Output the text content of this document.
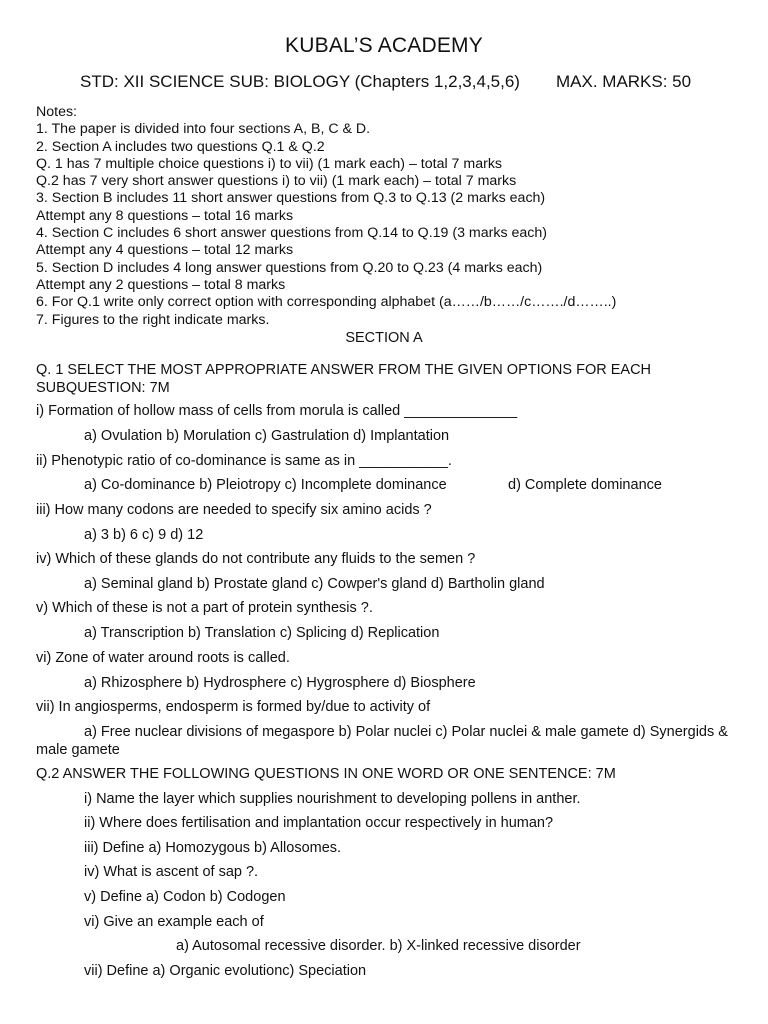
KUBAL’S ACADEMY
STD: XII SCIENCE SUB: BIOLOGY (Chapters 1,2,3,4,5,6) MAX. MARKS: 50
Notes:
1. The paper is divided into four sections A, B, C & D.
2. Section A includes two questions Q.1 & Q.2
Q. 1 has 7 multiple choice questions i) to vii) (1 mark each) – total 7 marks
Q.2 has 7 very short answer questions i) to vii) (1 mark each) – total 7 marks
3. Section B includes 11 short answer questions from Q.3 to Q.13 (2 marks each)
Attempt any 8 questions – total 16 marks
4. Section C includes 6 short answer questions from Q.14 to Q.19 (3 marks each)
Attempt any 4 questions – total 12 marks
5. Section D includes 4 long answer questions from Q.20 to Q.23 (4 marks each)
Attempt any 2 questions – total 8 marks
6. For Q.1 write only correct option with corresponding alphabet (a……/b……/c……./d……..)
7. Figures to the right indicate marks.
SECTION A
Q. 1 SELECT THE MOST APPROPRIATE ANSWER FROM THE GIVEN OPTIONS FOR EACH SUBQUESTION: 7M
i) Formation of hollow mass of cells from morula is called ______________
a) Ovulation b) Morulation c) Gastrulation d) Implantation
ii) Phenotypic ratio of co-dominance is same as in ___________.
a) Co-dominance b) Pleiotropy c) Incomplete dominance	d) Complete dominance
iii) How many codons are needed to specify six amino acids ?
a) 3 b) 6 c) 9 d) 12
iv) Which of these glands do not contribute any fluids to the semen ?
a) Seminal gland b) Prostate gland c) Cowper's gland d) Bartholin gland
v) Which of these is not a part of protein synthesis ?.
a) Transcription b) Translation c) Splicing d) Replication
vi) Zone of water around roots is called.
a) Rhizosphere b) Hydrosphere c) Hygrosphere d) Biosphere
vii) In angiosperms, endosperm is formed by/due to activity of
a) Free nuclear divisions of megaspore b) Polar nuclei c) Polar nuclei & male gamete d) Synergids & male gamete
Q.2 ANSWER THE FOLLOWING QUESTIONS IN ONE WORD OR ONE SENTENCE: 7M
i) Name the layer which supplies nourishment to developing pollens in anther.
ii) Where does fertilisation and implantation occur respectively in human?
iii) Define a) Homozygous b) Allosomes.
iv) What is ascent of sap ?.
v) Define a) Codon b) Codogen
vi) Give an example each of
a) Autosomal recessive disorder. b) X-linked recessive disorder
vii) Define a) Organic evolutionc) Speciation
